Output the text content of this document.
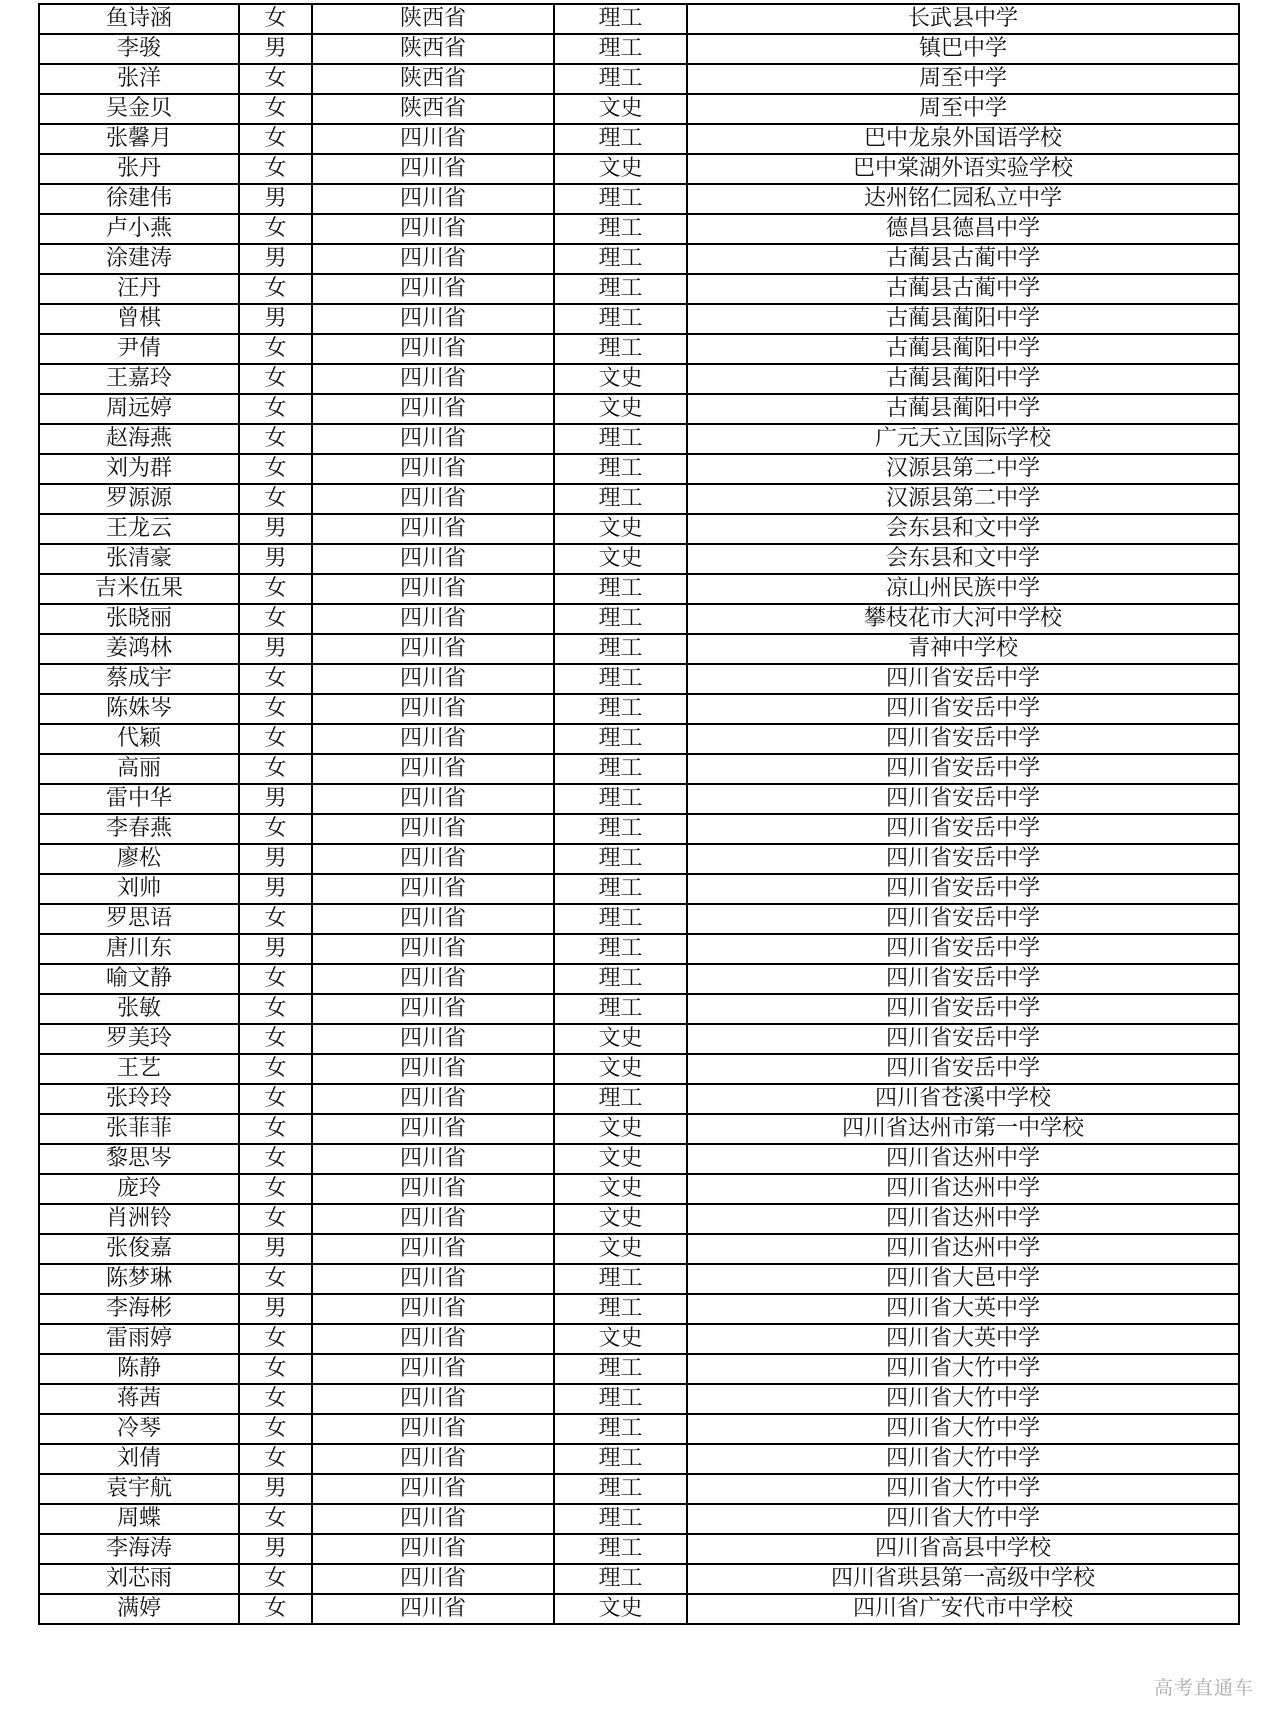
鱼诗涵	女	陕西省	理工	长武县中学
李骏	男	陕西省	理工	镇巴中学
张洋	女	陕西省	理工	周至中学
吴金贝	女	陕西省	文史	周至中学
张馨月	女	四川省	理工	巴中龙泉外国语学校
张丹	女	四川省	文史	巴中棠湖外语实验学校
徐建伟	男	四川省	理工	达州铭仁园私立中学
卢小燕	女	四川省	理工	德昌县德昌中学
涂建涛	男	四川省	理工	古蔺县古蔺中学
汪丹	女	四川省	理工	古蔺县古蔺中学
曾棋	男	四川省	理工	古蔺县蔺阳中学
尹倩	女	四川省	理工	古蔺县蔺阳中学
王嘉玲	女	四川省	文史	古蔺县蔺阳中学
周远婷	女	四川省	文史	古蔺县蔺阳中学
赵海燕	女	四川省	理工	广元天立国际学校
刘为群	女	四川省	理工	汉源县第二中学
罗源源	女	四川省	理工	汉源县第二中学
王龙云	男	四川省	文史	会东县和文中学
张清豪	男	四川省	文史	会东县和文中学
吉米伍果	女	四川省	理工	凉山州民族中学
张晓丽	女	四川省	理工	攀枝花市大河中学校
姜鸿林	男	四川省	理工	青神中学校
蔡成宇	女	四川省	理工	四川省安岳中学
陈姝岑	女	四川省	理工	四川省安岳中学
代颖	女	四川省	理工	四川省安岳中学
高丽	女	四川省	理工	四川省安岳中学
雷中华	男	四川省	理工	四川省安岳中学
李春燕	女	四川省	理工	四川省安岳中学
廖松	男	四川省	理工	四川省安岳中学
刘帅	男	四川省	理工	四川省安岳中学
罗思语	女	四川省	理工	四川省安岳中学
唐川东	男	四川省	理工	四川省安岳中学
喻文静	女	四川省	理工	四川省安岳中学
张敏	女	四川省	理工	四川省安岳中学
罗美玲	女	四川省	文史	四川省安岳中学
王艺	女	四川省	文史	四川省安岳中学
张玲玲	女	四川省	理工	四川省苍溪中学校
张菲菲	女	四川省	文史	四川省达州市第一中学校
黎思岑	女	四川省	文史	四川省达州中学
庞玲	女	四川省	文史	四川省达州中学
肖洲铃	女	四川省	文史	四川省达州中学
张俊嘉	男	四川省	文史	四川省达州中学
陈梦琳	女	四川省	理工	四川省大邑中学
李海彬	男	四川省	理工	四川省大英中学
雷雨婷	女	四川省	文史	四川省大英中学
陈静	女	四川省	理工	四川省大竹中学
蒋茜	女	四川省	理工	四川省大竹中学
冷琴	女	四川省	理工	四川省大竹中学
刘倩	女	四川省	理工	四川省大竹中学
袁宇航	男	四川省	理工	四川省大竹中学
周蝶	女	四川省	理工	四川省大竹中学
李海涛	男	四川省	理工	四川省高县中学校
刘芯雨	女	四川省	理工	四川省珙县第一高级中学校
满婷	女	四川省	文史	四川省广安代市中学校
高考直通车
